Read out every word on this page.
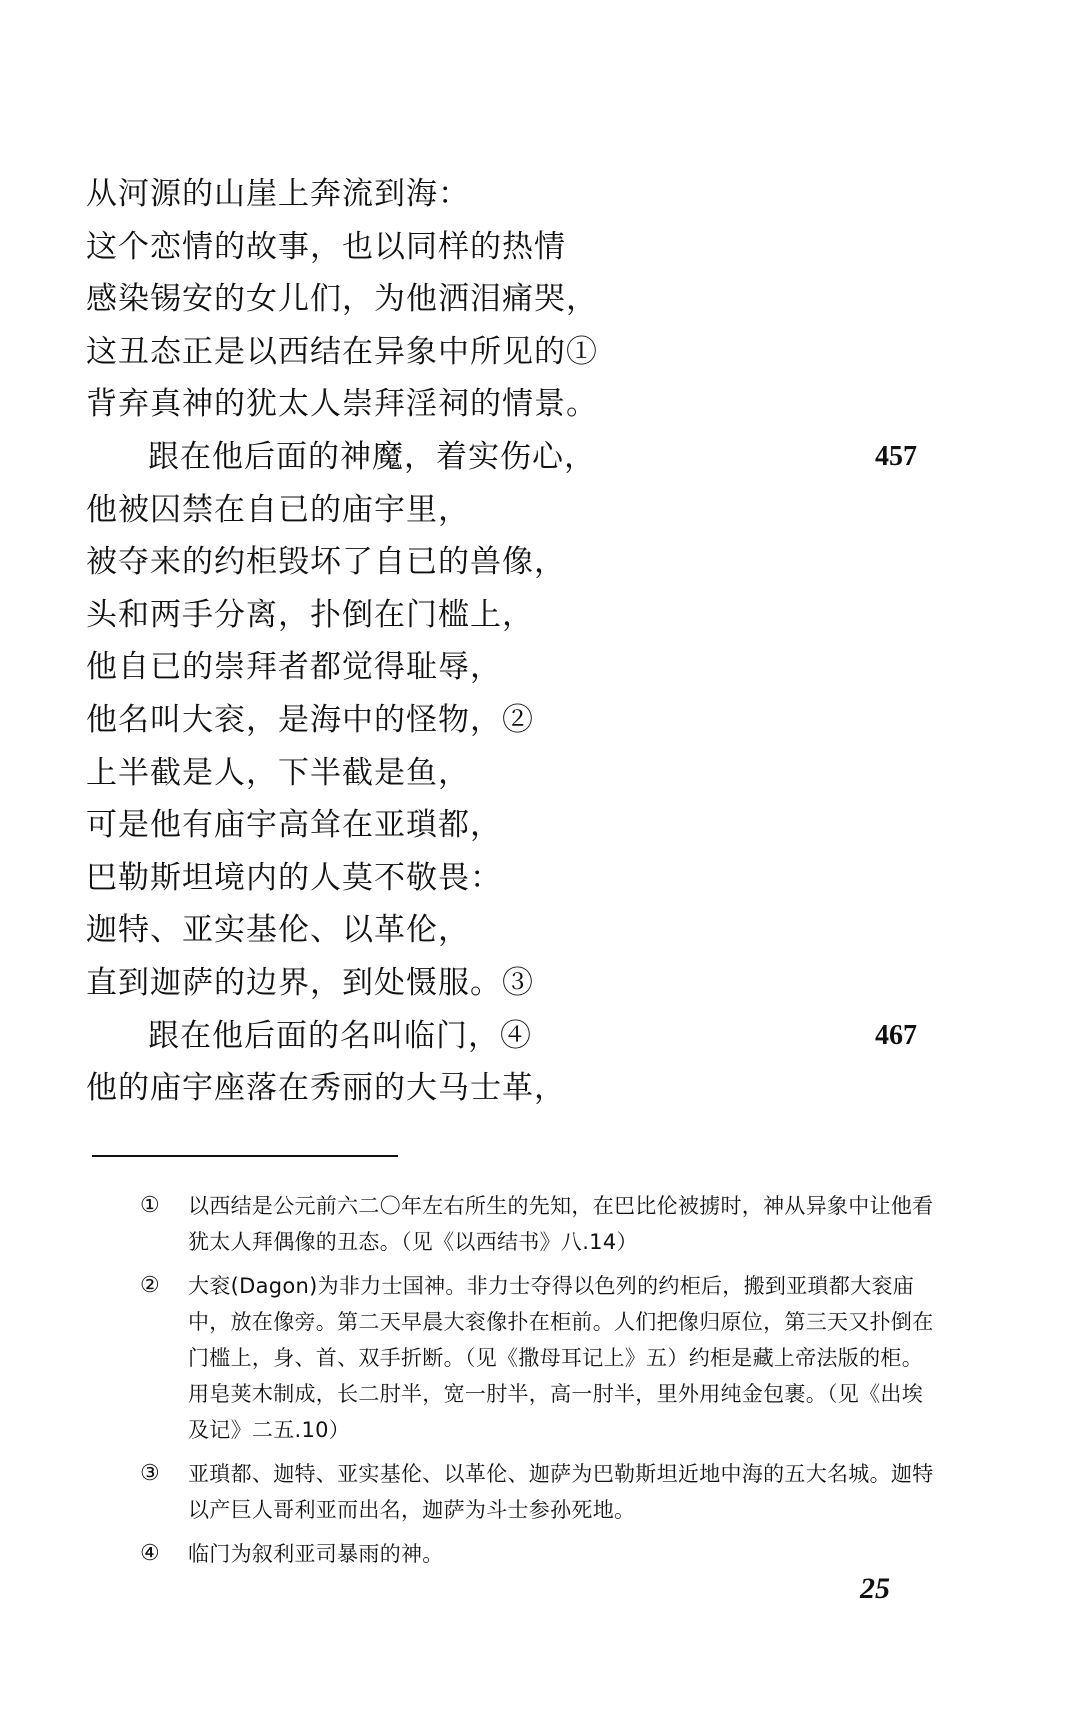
从河源的山崖上奔流到海：
这个恋情的故事，也以同样的热情
感染锡安的女儿们，为他洒泪痛哭，
这丑态正是以西结在异象中所见的①
背弃真神的犹太人崇拜淫祠的情景。
跟在他后面的神魔，着实伤心，	457
他被囚禁在自已的庙宇里，
被夺来的约柜毁坏了自已的兽像，
头和两手分离，扑倒在门槛上，
他自已的崇拜者都觉得耻辱，
他名叫大衮，是海中的怪物，②
上半截是人，下半截是鱼，
可是他有庙宇高耸在亚瑣都，
巴勒斯坦境内的人莫不敬畏：
迦特、亚实基伦、以革伦，
直到迦萨的边界，到处慑服。③
跟在他后面的名叫临门，④	467
他的庙宇座落在秀丽的大马士革，
①	以西结是公元前六二〇年左右所生的先知，在巴比伦被掳时，神从异象中让他看犹太人拜偶像的丑态。（见《以西结书》八.14）
②	大衮(Dagon)为非力士国神。非力士夺得以色列的约柜后，搬到亚瑣都大衮庙中，放在像旁。第二天早晨大衮像扑在柜前。人们把像归原位，第三天又扑倒在门槛上，身、首、双手折断。（见《撒母耳记上》五）约柜是藏上帝法版的柜。用皂荚木制成，长二肘半，宽一肘半，高一肘半，里外用纯金包裹。（见《出埃及记》二五.10）
③	亚瑣都、迦特、亚实基伦、以革伦、迦萨为巴勒斯坦近地中海的五大名城。迦特以产巨人哥利亚而出名，迦萨为斗士参孙死地。
④	临门为叙利亚司暴雨的神。
25
